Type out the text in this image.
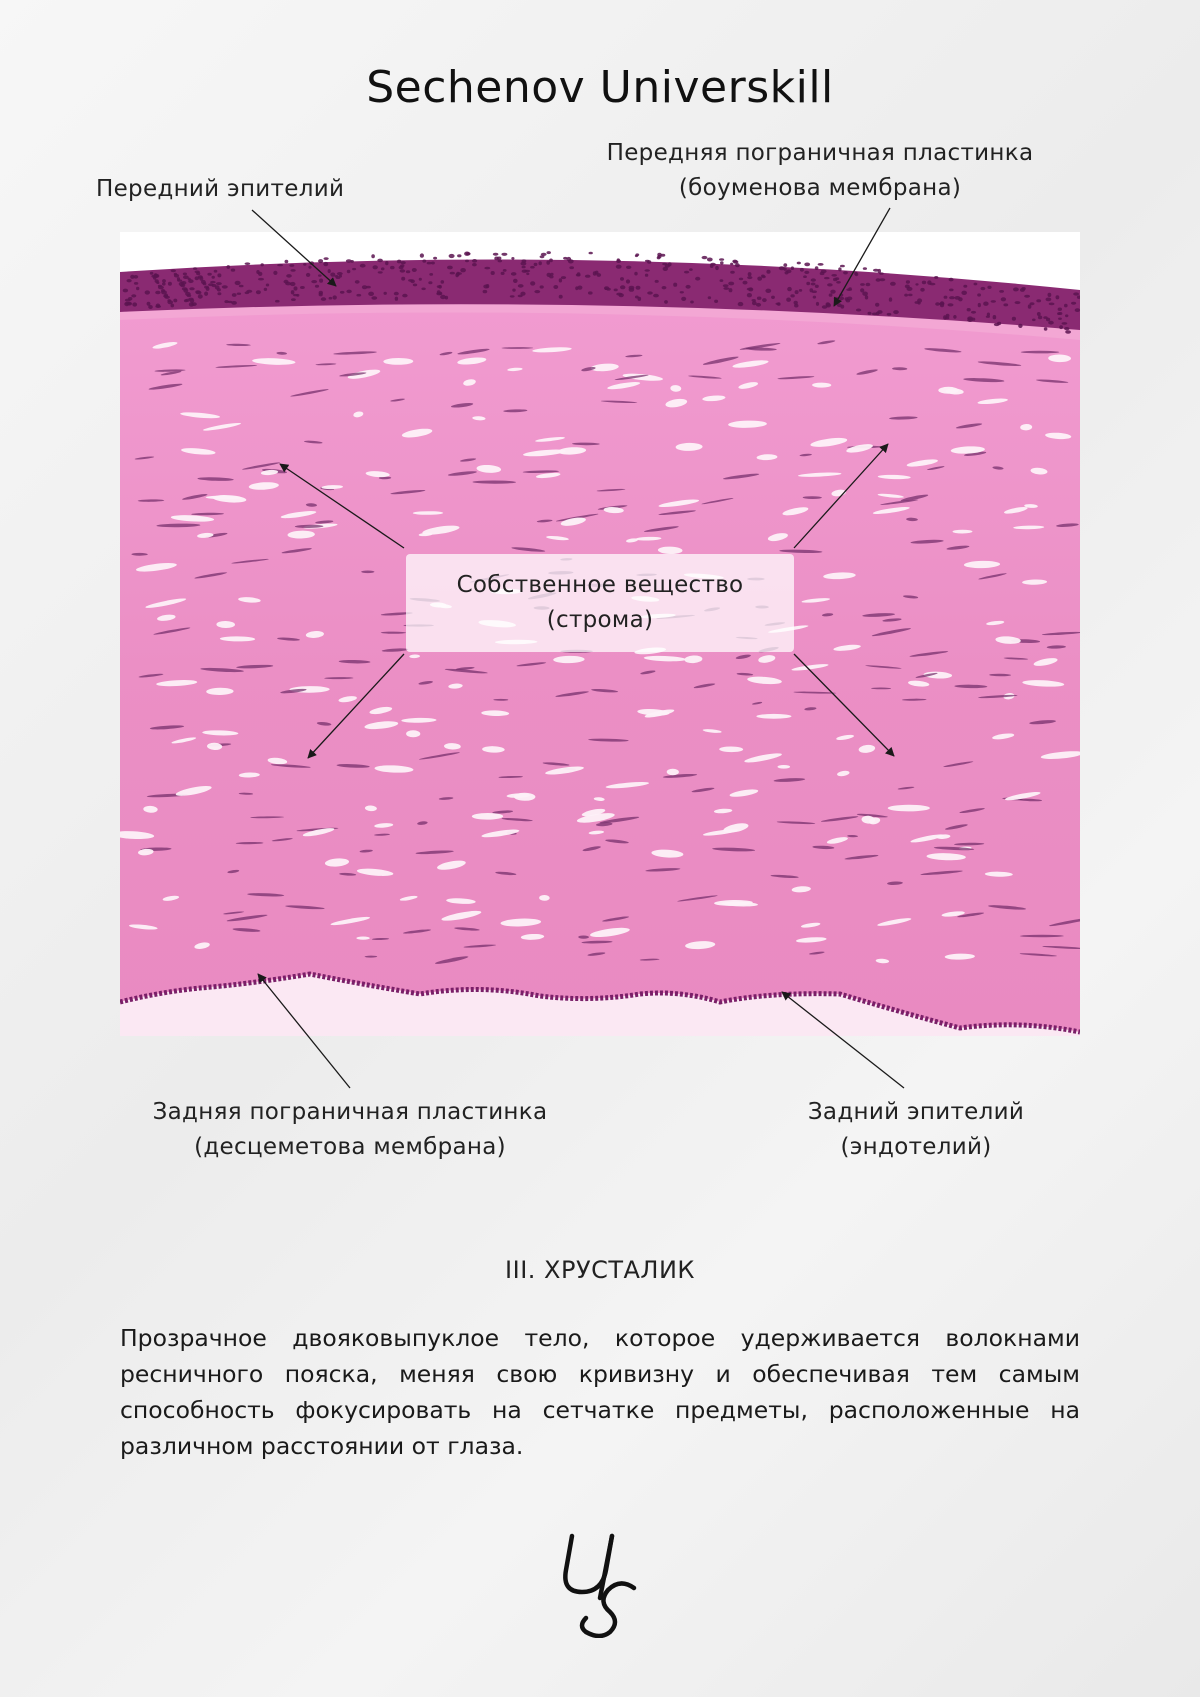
Sechenov Universkill
Передний эпителий
Передняя пограничная пластинка
(боуменова мембрана)
Собственное вещество
(строма)
Задняя пограничная пластинка
(десцеметова мембрана)
Задний эпителий
(эндотелий)
III. ХРУСТАЛИК
Прозрачное двояковыпуклое тело, которое удерживается волокнами ресничного пояска, меняя свою кривизну и обеспечивая тем самым способность фокусировать на сетчатке предметы, расположенные на различном расстоянии от глаза.
